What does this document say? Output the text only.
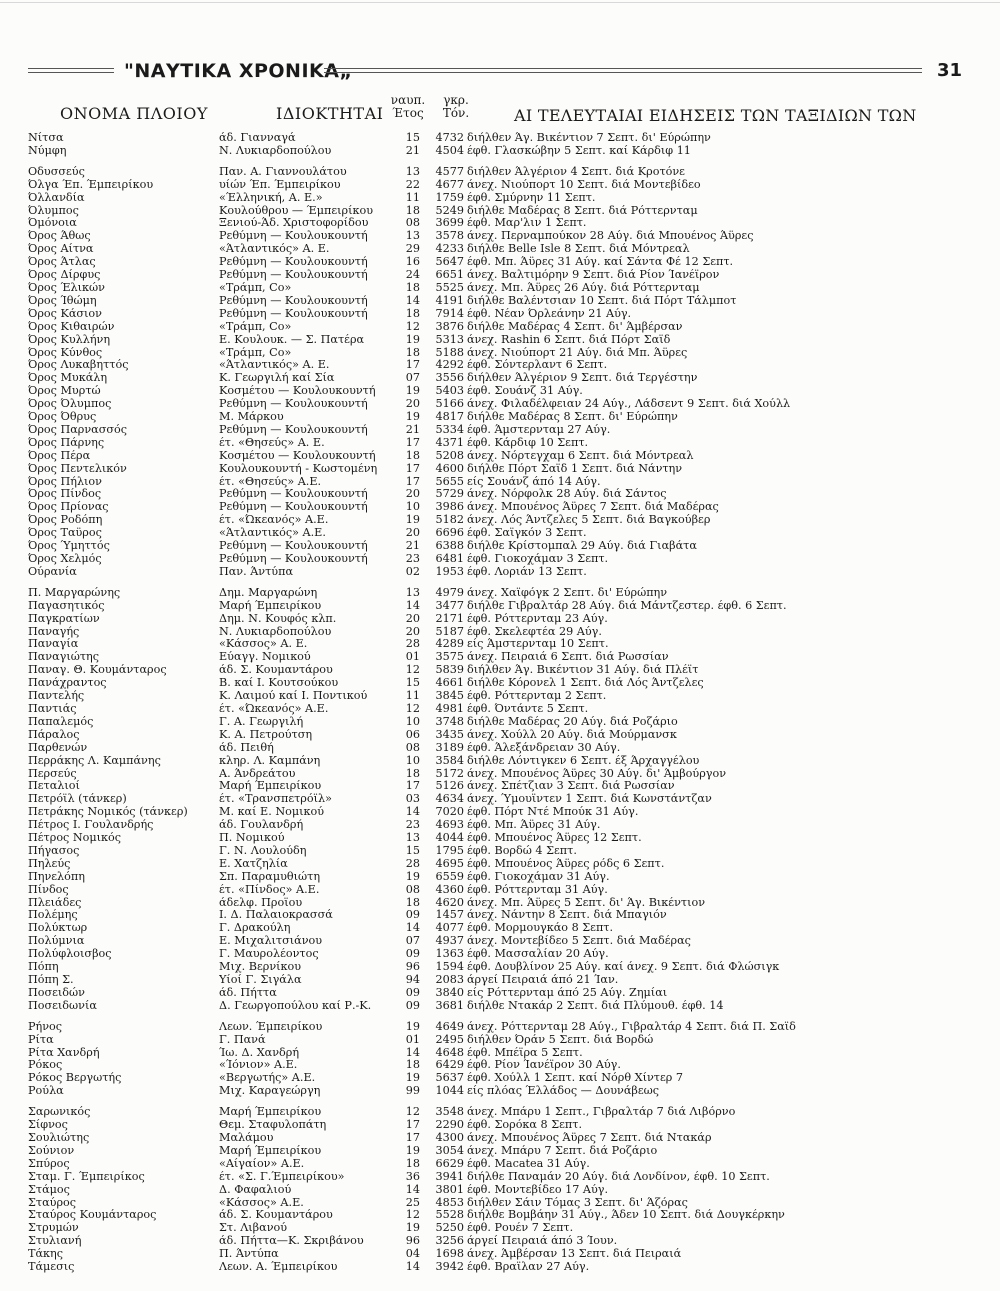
"ΝΑΥΤΙΚΑ ΧΡΟΝΙΚΑ„	31
ΟΝΟΜΑ ΠΛΟΙΟΥ	ΙΔΙΟΚΤΗΤΑΙ
ναυπ.
Έτος
γκρ.
Τόν.	ΑΙ ΤΕΛΕΥΤΑΙΑΙ ΕΙΔΗΣΕΙΣ ΤΩΝ ΤΑΞΙΔΙΩΝ ΤΩΝ
Νίτσα	άδ. Γιανναγά	15 4732 διήλθεν Άγ. Βικέντιον 7 Σεπτ. δι' Εύρώπην
Νύμφη	Ν. Λυκιαρδοπούλου	21 4504 έφθ. Γλασκώβην 5 Σεπτ. καί Κάρδιφ 11
Οδυσσεύς	Παν. Α. Γιαννουλάτου	13 4577 διήλθεν Άλγέριον 4 Σεπτ. διά Κροτόνε
Όλγα Έπ. Έμπειρίκου	υίών Έπ. Έμπειρίκου	22 4677 άνεχ. Νιούπορτ 10 Σεπτ. διά Μοντεβίδεο
Όλλανδία	«Έλληνική, Α. Ε.»	11 1759 έφθ. Σμύρνην 11 Σεπτ.
Όλυμπος	Κουλούθρου — Έμπειρίκου	18 5249 διήλθε Μαδέρας 8 Σεπτ. διά Ρόττερνταμ
Όμόνοια	Ξενιού-Άδ. Χριστοφορίδου	08 3699 έφθ. Μαρ'λιν 1 Σεπτ.
Όρος Άθως	Ρεθύμνη — Κουλουκουντή	13 3578 άνεχ. Περναμπούκον 28 Αύγ. διά Μπουένος Άϋρες
Όρος Αίτνα	«Άτλαντικός» Α. Ε.	29 4233 διήλθε Belle Isle 8 Σεπτ. διά Μόντρεαλ
Όρος Άτλας	Ρεθύμνη — Κουλουκουντή	16 5647 έφθ. Μπ. Άϋρες 31 Αύγ. καί Σάντα Φέ 12 Σεπτ.
Όρος Δίρφυς	Ρεθύμνη — Κουλουκουντή	24 6651 άνεχ. Βαλτιμόρην 9 Σεπτ. διά Ρίον Ίανέϊρον
Όρος Έλικών	«Τράμπ, Co»	18 5525 άνεχ. Μπ. Άϋρες 26 Αύγ. διά Ρόττερνταμ
Όρος Ίθώμη	Ρεθύμνη — Κουλουκουντή	14 4191 διήλθε Βαλέντσιαν 10 Σεπτ. διά Πόρτ Τάλμποτ
Όρος Κάσιον	Ρεθύμνη — Κουλουκουντή	18 7914 έφθ. Νέαν Όρλεάνην 21 Αύγ.
Όρος Κιθαιρών	«Τράμπ, Co»	12 3876 διήλθε Μαδέρας 4 Σεπτ. δι' Άμβέρσαν
Όρος Κυλλήνη	Ε. Κουλουκ. — Σ. Πατέρα	19 5313 άνεχ. Rashin 6 Σεπτ. διά Πόρτ Σαΐδ
Όρος Κύνθος	«Τράμπ, Co»	18 5188 άνεχ. Νιούπορτ 21 Αύγ. διά Μπ. Άϋρες
Όρος Λυκαβηττός	«Άτλαντικός» Α. Ε.	17 4292 έφθ. Σόντερλαντ 6 Σεπτ.
Όρος Μυκάλη	Κ. Γεωργιλή καί Σία	07 3556 διήλθεν Άλγέριον 9 Σεπτ. διά Τεργέστην
Όρος Μυρτώ	Κοσμέτου — Κουλουκουντή	19 5403 έφθ. Σουάνζ 31 Αύγ.
Όρος Όλυμπος	Ρεθύμνη — Κουλουκουντή	20 5166 άνεχ. Φιλαδέλφειαν 24 Αύγ., Λάδσεντ 9 Σεπτ. διά Χούλλ
Όρος Όθρυς	Μ. Μάρκου	19 4817 διήλθε Μαδέρας 8 Σεπτ. δι' Εύρώπην
Όρος Παρνασσός	Ρεθύμνη — Κουλουκουντή	21 5334 έφθ. Άμστερνταμ 27 Αύγ.
Όρος Πάρνης	έτ. «Θησεύς» Α. Ε.	17 4371 έφθ. Κάρδιφ 10 Σεπτ.
Όρος Πέρα	Κοσμέτου — Κουλουκουντή	18 5208 άνεχ. Νόρτεγχαμ 6 Σεπτ. διά Μόντρεαλ
Όρος Πεντελικόν	Κουλουκουντή - Κωστομένη	17 4600 διήλθε Πόρτ Σαΐδ 1 Σεπτ. διά Νάντην
Όρος Πήλιον	έτ. «Θησεύς» Α.Ε.	17 5655 είς Σουάνζ άπό 14 Αύγ.
Όρος Πίνδος	Ρεθύμνη — Κουλουκουντή	20 5729 άνεχ. Νόρφολκ 28 Αύγ. διά Σάντος
Όρος Πρίονας	Ρεθύμνη — Κουλουκουντή	10 3986 άνεχ. Μπουένος Άϋρες 7 Σεπτ. διά Μαδέρας
Όρος Ροδόπη	έτ. «Ώκεανός» Α.Ε.	19 5182 άνεχ. Λός Άντζελες 5 Σεπτ. διά Βαγκούβερ
Όρος Ταΰρος	«Άτλαντικός» Α.Ε.	20 6696 έφθ. Σαϊγκόν 3 Σεπτ.
Όρος Ύμηττός	Ρεθύμνη — Κουλουκουντή	21 6388 διήλθε Κρίστομπαλ 29 Αύγ. διά Γιαβάτα
Όρος Χελμός	Ρεθύμνη — Κουλουκουντή	23 6481 έφθ. Γιοκοχάμαν 3 Σεπτ.
Ούρανία	Παν. Άντύπα	02 1953 έφθ. Λοριάν 13 Σεπτ.
Π. Μαργαρώνης	Δημ. Μαργαρώνη	13 4979 άνεχ. Χαϊφόγκ 2 Σεπτ. δι' Εύρώπην
Παγασητικός	Μαρή Έμπειρίκου	14 3477 διήλθε Γιβραλτάρ 28 Αύγ. διά Μάντζεστερ. έφθ. 6 Σεπτ.
Παγκρατίων	Δημ. Ν. Κουφός κλπ.	20 2171 έφθ. Ρόττερνταμ 23 Αύγ.
Παναγής	Ν. Λυκιαρδοπούλου	20 5187 έφθ. Σκελεφτέα 29 Αύγ.
Παναγία	«Κάσσος» Α. Ε.	28 4289 είς Άμστερνταμ 10 Σεπτ.
Παναγιώτης	Εύαγγ. Νομικού	01 3575 άνεχ. Πειραιά 6 Σεπτ. διά Ρωσσίαν
Παναγ. Θ. Κουμάνταρος	άδ. Σ. Κουμαντάρου	12 5839 διήλθεν Άγ. Βικέντιον 31 Αύγ. διά Πλέϊτ
Πανάχραντος	Β. καί Ι. Κουτσούκου	15 4661 διήλθε Κόρονελ 1 Σεπτ. διά Λός Άντζελες
Παντελής	Κ. Λαιμού καί Ι. Ποντικού	11 3845 έφθ. Ρόττερνταμ 2 Σεπτ.
Παντιάς	έτ. «Ώκεανός» Α.Ε.	12 4981 έφθ. Όντάντε 5 Σεπτ.
Παπαλεμός	Γ. Α. Γεωργιλή	10 3748 διήλθε Μαδέρας 20 Αύγ. διά Ροζάριο
Πάραλος	Κ. Α. Πετρούτση	06 3435 άνεχ. Χούλλ 20 Αύγ. διά Μούρμανσκ
Παρθενών	άδ. Πειθή	08 3189 έφθ. Άλεξάνδρειαν 30 Αύγ.
Περράκης Λ. Καμπάνης	κληρ. Λ. Καμπάνη	10 3584 διήλθε Λόντιγκεν 6 Σεπτ. έξ Άρχαγγέλου
Περσεύς	Α. Άνδρεάτου	18 5172 άνεχ. Μπουένος Άϋρες 30 Αύγ. δι' Άμβούργον
Πεταλιοί	Μαρή Έμπειρίκου	17 5126 άνεχ. Σπέτζιαν 3 Σεπτ. διά Ρωσσίαν
Πετρόϊλ (τάνκερ)	έτ. «Τρανσπετρόϊλ»	03 4634 άνεχ. Ύμουϊντεν 1 Σεπτ. διά Κωνστάντζαν
Πετράκης Νομικός (τάνκερ)	Μ. καί Ε. Νομικού	14 7020 έφθ. Πόρτ Ντέ Μπούκ 31 Αύγ.
Πέτρος Ι. Γουλανδρής	άδ. Γουλανδρή	23 4693 έφθ. Μπ. Άϋρες 31 Αύγ.
Πέτρος Νομικός	Π. Νομικού	13 4044 έφθ. Μπουένος Άϋρες 12 Σεπτ.
Πήγασος	Γ. Ν. Λουλούδη	15 1795 έφθ. Βορδώ 4 Σεπτ.
Πηλεύς	Ε. Χατζηλία	28 4695 έφθ. Μπουένος Άϋρες ρόδς 6 Σεπτ.
Πηνελόπη	Σπ. Παραμυθιώτη	19 6559 έφθ. Γιοκοχάμαν 31 Αύγ.
Πίνδος	έτ. «Πίνδος» Α.Ε.	08 4360 έφθ. Ρόττερνταμ 31 Αύγ.
Πλειάδες	άδελφ. Προΐου	18 4620 άνεχ. Μπ. Άϋρες 5 Σεπτ. δι' Άγ. Βικέντιον
Πολέμης	Ι. Δ. Παλαιοκρασσά	09 1457 άνεχ. Νάντην 8 Σεπτ. διά Μπαγιόν
Πολύκτωρ	Γ. Δρακούλη	14 4077 έφθ. Μορμουγκάο 8 Σεπτ.
Πολύμνια	Ε. Μιχαλιτσιάνου	07 4937 άνεχ. Μοντεβίδεο 5 Σεπτ. διά Μαδέρας
Πολύφλοισβος	Γ. Μαυρολέοντος	09 1363 έφθ. Μασσαλίαν 20 Αύγ.
Πόπη	Μιχ. Βερνίκου	96 1594 έφθ. Δουβλίνον 25 Αύγ. καί άνεχ. 9 Σεπτ. διά Φλώσιγκ
Πόπη Σ.	Υίοί Γ. Σιγάλα	94 2083 άργεί Πειραιά άπό 21 Ίαν.
Ποσειδών	άδ. Πήττα	09 3840 είς Ρόττερνταμ άπό 25 Αύγ. Ζημίαι
Ποσειδωνία	Δ. Γεωργοπούλου καί Ρ.-Κ.	09 3681 διήλθε Ντακάρ 2 Σεπτ. διά Πλύμουθ. έφθ. 14
Ρήνος	Λεων. Έμπειρίκου	19 4649 άνεχ. Ρόττερνταμ 28 Αύγ., Γιβραλτάρ 4 Σεπτ. διά Π. Σαΐδ
Ρίτα	Γ. Πανά	01 2495 διήλθεν Όράν 5 Σεπτ. διά Βορδώ
Ρίτα Χανδρή	Ίω. Δ. Χανδρή	14 4648 έφθ. Μπέϊρα 5 Σεπτ.
Ρόκος	«Ίόνιον» Α.Ε.	18 6429 έφθ. Ρίον Ίανέϊρον 30 Αύγ.
Ρόκος Βεργωτής	«Βεργωτής» Α.Ε.	19 5637 έφθ. Χούλλ 1 Σεπτ. καί Νόρθ Χίντερ 7
Ρούλα	Μιχ. Καραγεώργη	99 1044 είς πλόας Έλλάδος — Δουνάβεως
Σαρωνικός	Μαρή Έμπειρίκου	12 3548 άνεχ. Μπάρυ 1 Σεπτ., Γιβραλτάρ 7 διά Λιβόρνο
Σίφνος	Θεμ. Σταφυλοπάτη	17 2290 έφθ. Σορόκα 8 Σεπτ.
Σουλιώτης	Μαλάμου	17 4300 άνεχ. Μπουένος Άϋρες 7 Σεπτ. διά Ντακάρ
Σούνιον	Μαρή Έμπειρίκου	19 3054 άνεχ. Μπάρυ 7 Σεπτ. διά Ροζάριο
Σπύρος	«Αίγαίον» Α.Ε.	18 6629 έφθ. Macatea 31 Αύγ.
Σταμ. Γ. Έμπειρίκος	έτ. «Σ. Γ.Έμπειρίκου»	36 3941 διήλθε Παναμάν 20 Αύγ. διά Λονδίνον, έφθ. 10 Σεπτ.
Στάμος	Δ. Φαφαλιού	14 3801 έφθ. Μοντεβίδεο 17 Αύγ.
Σταύρος	«Κάσσος» Α.Ε.	25 4853 διήλθεν Σάιν Τόμας 3 Σεπτ. δι' Άζόρας
Σταύρος Κουμάνταρος	άδ. Σ. Κουμαντάρου	12 5528 διήλθε Βομβάην 31 Αύγ., Άδεν 10 Σεπτ. διά Δουγκέρκην
Στρυμών	Στ. Λιβανού	19 5250 έφθ. Ρουέν 7 Σεπτ.
Στυλιανή	άδ. Πήττα—Κ. Σκριβάνου	96 3256 άργεί Πειραιά άπό 3 Ίουν.
Τάκης	Π. Άντύπα	04 1698 άνεχ. Άμβέρσαν 13 Σεπτ. διά Πειραιά
Τάμεσις	Λεων. Α. Έμπειρίκου	14 3942 έφθ. Βραΐλαν 27 Αύγ.
